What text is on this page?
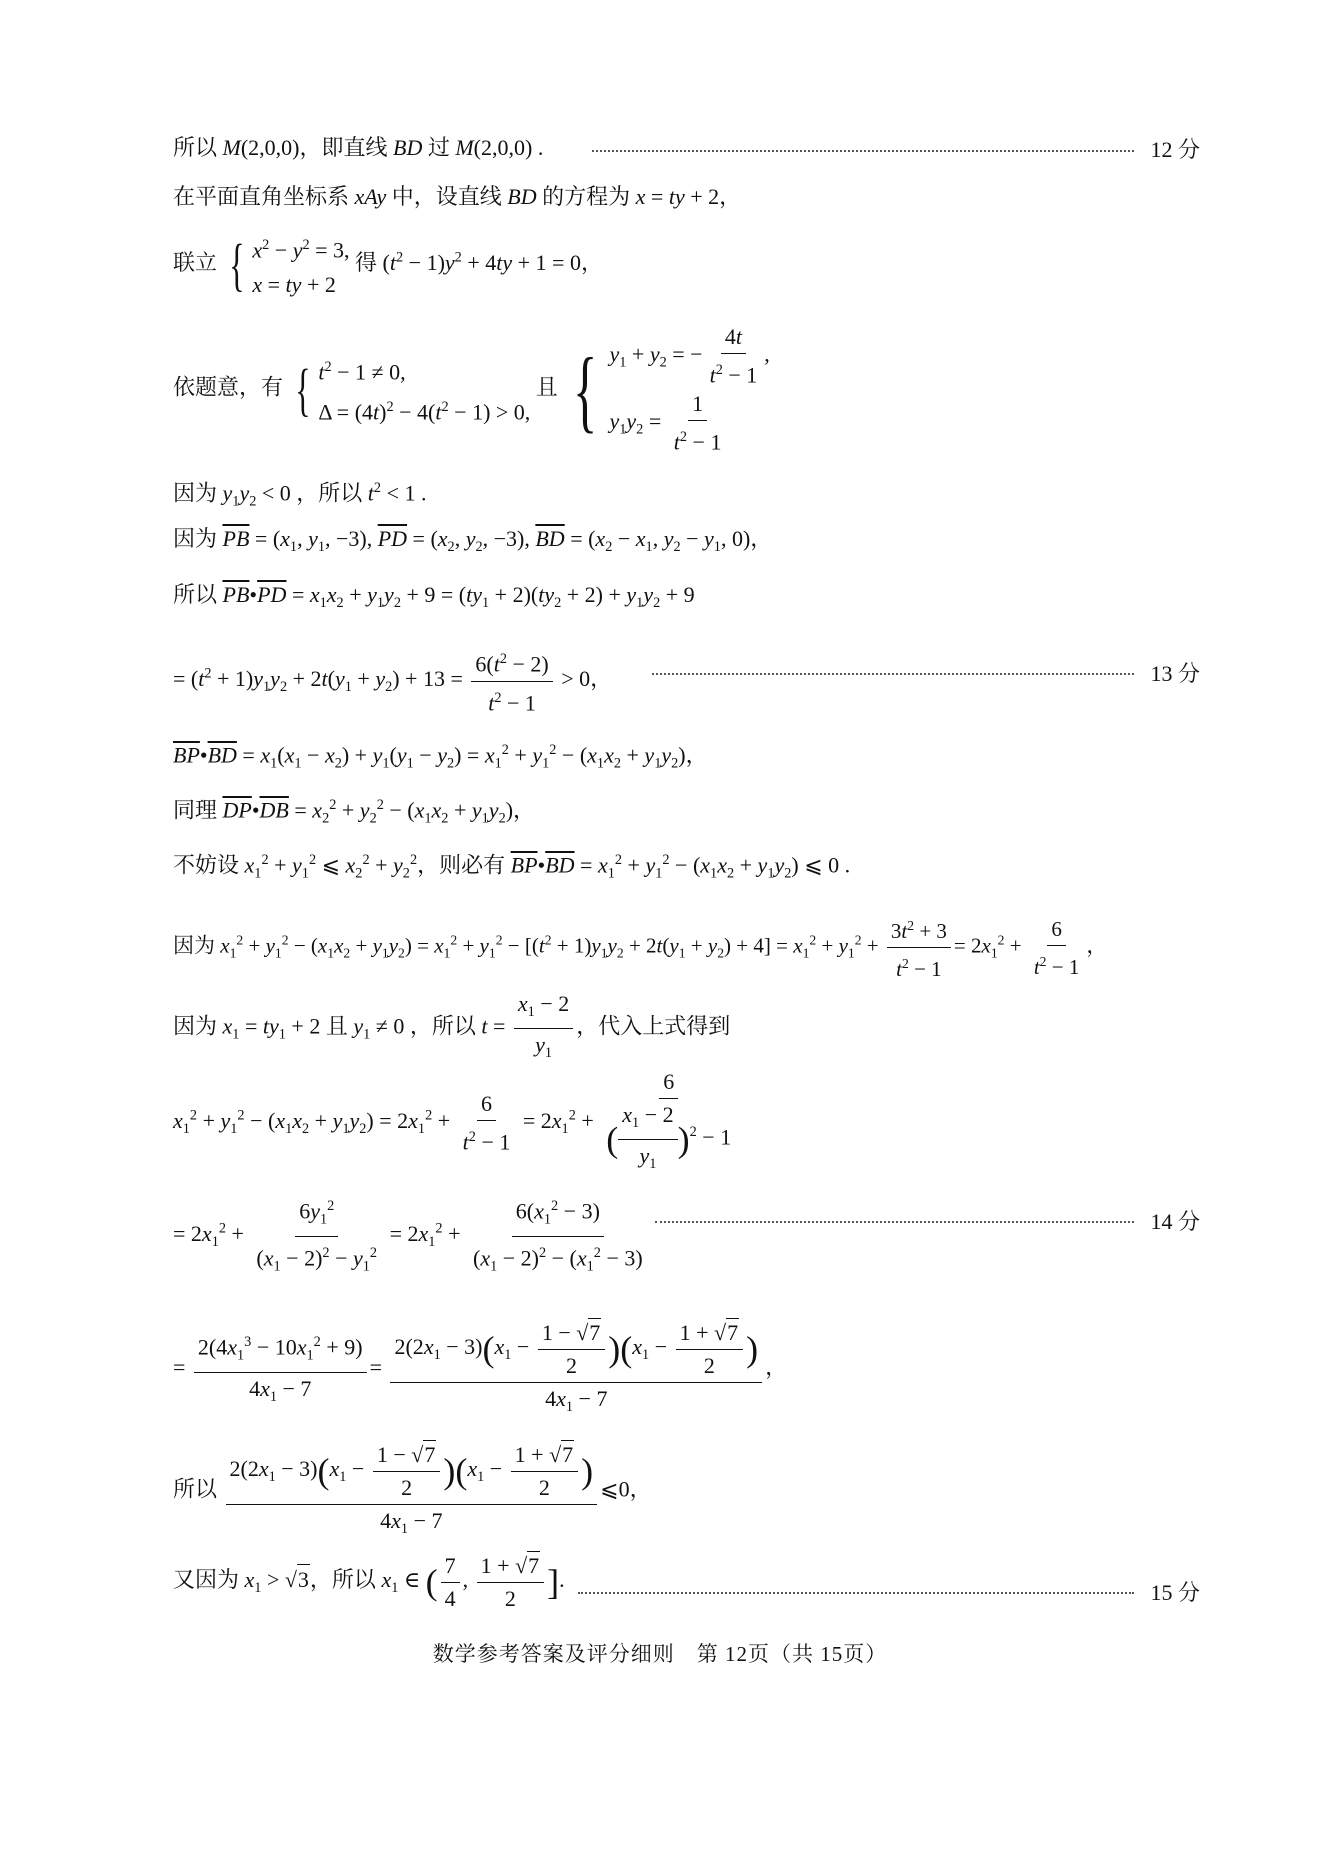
所以 M(2,0,0)，即直线 BD 过 M(2,0,0) .	12 分
在平面直角坐标系 xAy 中，设直线 BD 的方程为 x = ty + 2，
联立 { $x^2 - y^2 = 3$,
x = ty + 2
得 $(t^2 - 1)y^2 + 4ty + 1 = 0$，
依题意，有 { $t^2 - 1 \ne 0$,
$\Delta = (4t)^2 - 4(t^2 - 1) > 0$,
且 { $y_1 + y_2$ = − $\frac{4t}{t^2 - 1}$ ,
$y_1y_2 = \frac{1}{t^2 - 1}$
因为 $y_1y_2 < 0$ ，所以 $t^2 < 1$ .
因为 $\overline{PB} = (x_1$, $y_1$, −3), $\overline{PD} = (x_2$, $y_2$, −3), $\overline{BD} = (x_2 - x_1$, $y_2 - y_1$, 0)，
所以 $\overline{PB}•\overline{PD} = x_1x_2 + y_1y_2 + 9 = (ty_1 + 2)(ty_2 + 2) + y_1y_2 + 9$
= $(t^2 + 1)y_1y_2 + 2t(y_1 + y_2) + 13 = \frac{6(t^2 - 2)}{t^2 - 1} > 0$，	13 分
$\overline{BP}•\overline{BD} = x_1(x_1 - x_2) + y_1(y_1 - y_2) = x_1^2 + y_1^2 - (x_1x_2 + y_1y_2)$，
同理 $\overline{DP}•\overline{DB} = x_2^2 + y_2^2 - (x_1x_2 + y_1y_2)$，
不妨设 $x_1^2 + y_1^2$ ⩽ $x_2^2 + y_2^2$，则必有 $\overline{BP}•\overline{BD} = x_1^2 + y_1^2 - (x_1x_2 + y_1y_2)$ ⩽ 0 .
因为 $x_1^2 + y_1^2 - (x_1x_2 + y_1y_2) = x_1^2 + y_1^2 - [(t^2 + 1)y_1y_2 + 2t(y_1 + y_2) + 4] = x_1^2 + y_1^2 + \frac{3t^2 + 3}{t^2 - 1} = 2x_1^2 + \frac{6}{t^2 - 1}$ ，
因为 $x_1 = ty_1 + 2$ 且 $y_1 \ne 0$ ，所以 $t = \frac{x_1 - 2}{y_1}$ ，代入上式得到
$x_1^2 + y_1^2 - (x_1x_2 + y_1y_2) = 2x_1^2 + \frac{6}{t^2 - 1} = 2x_1^2 + \frac{6}{( \frac{x_1 - 2}{y_1} )^2 - 1}$
= $2x_1^2 + \frac{6y_1^2}{(x_1 - 2)^2 - y_1^2} = 2x_1^2 + \frac{6(x_1^2 - 3)}{(x_1 - 2)^2 - (x_1^2 - 3)}$	14 分
= $\frac{2(4x_1^3 - 10x_1^2 + 9)}{4x_1 - 7} = \frac{2(2x_1 - 3)(x_1 - \frac{1 - √7}{2} )(x_1 - \frac{1 + √7}{2} )}{4x_1 - 7}$ ，
所以 $\frac{2(2x_1 - 3)(x_1 - \frac{1 - √7}{2} )(x_1 - \frac{1 + √7}{2} )}{4x_1 - 7}$ ⩽0，
又因为 $x_1 > √3$，所以 $x_1$ ∈ ( $\frac{7}{4}$ , $\frac{1 + √7}{2}$ ].
15 分
数学参考答案及评分细则　第 12页（共 15页）
